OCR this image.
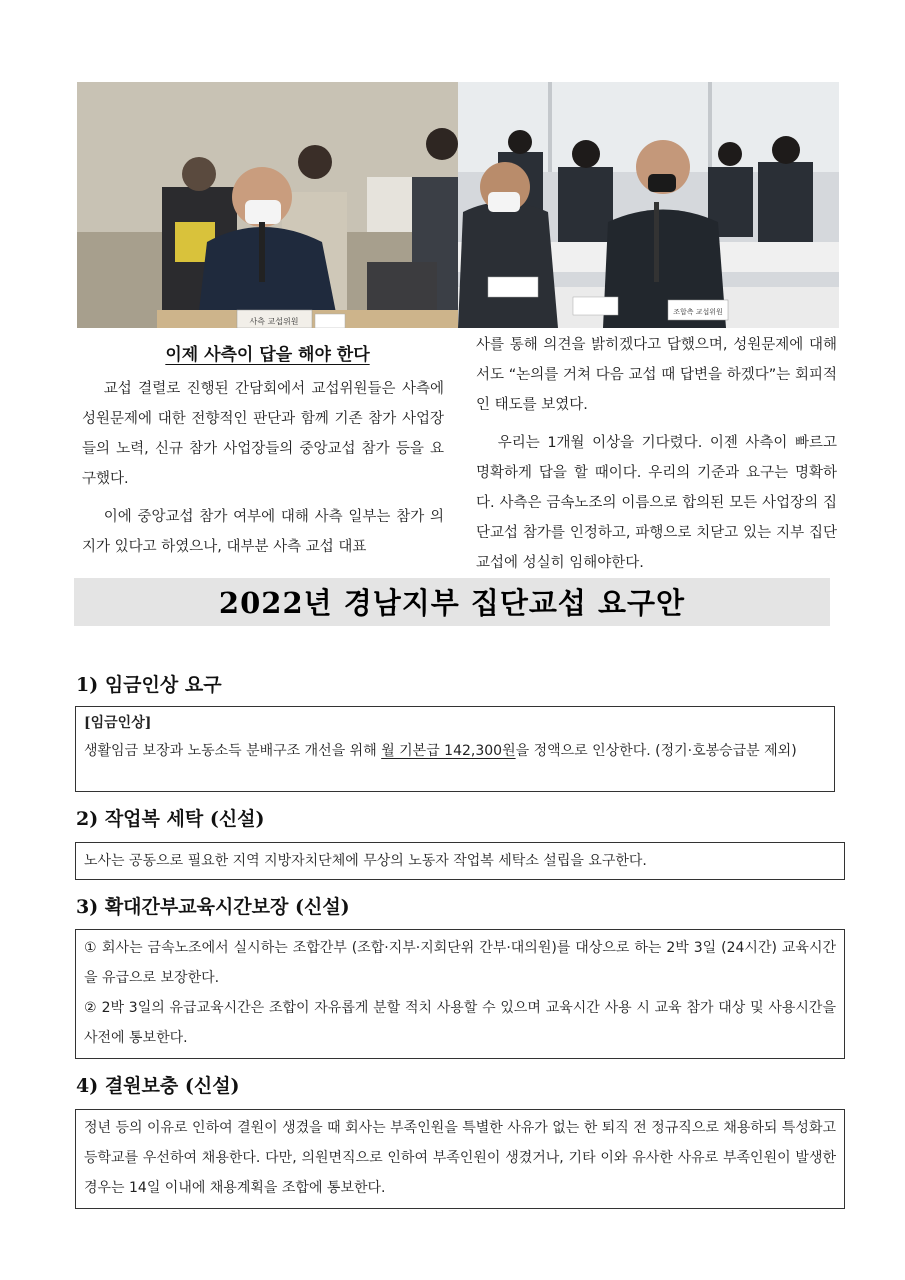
사측 교섭위원
조합측 교섭위원
이제 사측이 답을 해야 한다

교섭 결렬로 진행된 간담회에서 교섭위원들은 사측에 성원문제에 대한 전향적인 판단과 함께 기존 참가 사업장들의 노력, 신규 참가 사업장들의 중앙교섭 참가 등을 요구했다.

이에 중앙교섭 참가 여부에 대해 사측 일부는 참가 의지가 있다고 하였으나, 대부분 사측 교섭 대표

사를 통해 의견을 밝히겠다고 답했으며, 성원문제에 대해서도 “논의를 거쳐 다음 교섭 때 답변을 하겠다”는 회피적인 태도를 보였다.

우리는 1개월 이상을 기다렸다. 이젠 사측이 빠르고 명확하게 답을 할 때이다. 우리의 기준과 요구는 명확하다. 사측은 금속노조의 이름으로 합의된 모든 사업장의 집단교섭 참가를 인정하고, 파행으로 치닫고 있는 지부 집단교섭에 성실히 임해야한다.

2022년 경남지부 집단교섭 요구안
1) 임금인상 요구

[임금인상]

생활임금 보장과 노동소득 분배구조 개선을 위해 월 기본급 142,300원을 정액으로 인상한다. (정기·호봉승급분 제외)

2) 작업복 세탁 (신설)

노사는 공동으로 필요한 지역 지방자치단체에 무상의 노동자 작업복 세탁소 설립을 요구한다.

3) 확대간부교육시간보장 (신설)

① 회사는 금속노조에서 실시하는 조합간부 (조합·지부·지회단위 간부·대의원)를 대상으로 하는 2박 3일 (24시간) 교육시간을 유급으로 보장한다.

② 2박 3일의 유급교육시간은 조합이 자유롭게 분할 적치 사용할 수 있으며 교육시간 사용 시 교육 참가 대상 및 사용시간을 사전에 통보한다.

4) 결원보충 (신설)

정년 등의 이유로 인하여 결원이 생겼을 때 회사는 부족인원을 특별한 사유가 없는 한 퇴직 전 정규직으로 채용하되 특성화고등학교를 우선하여 채용한다. 다만, 의원면직으로 인하여 부족인원이 생겼거나, 기타 이와 유사한 사유로 부족인원이 발생한 경우는 14일 이내에 채용계획을 조합에 통보한다.
